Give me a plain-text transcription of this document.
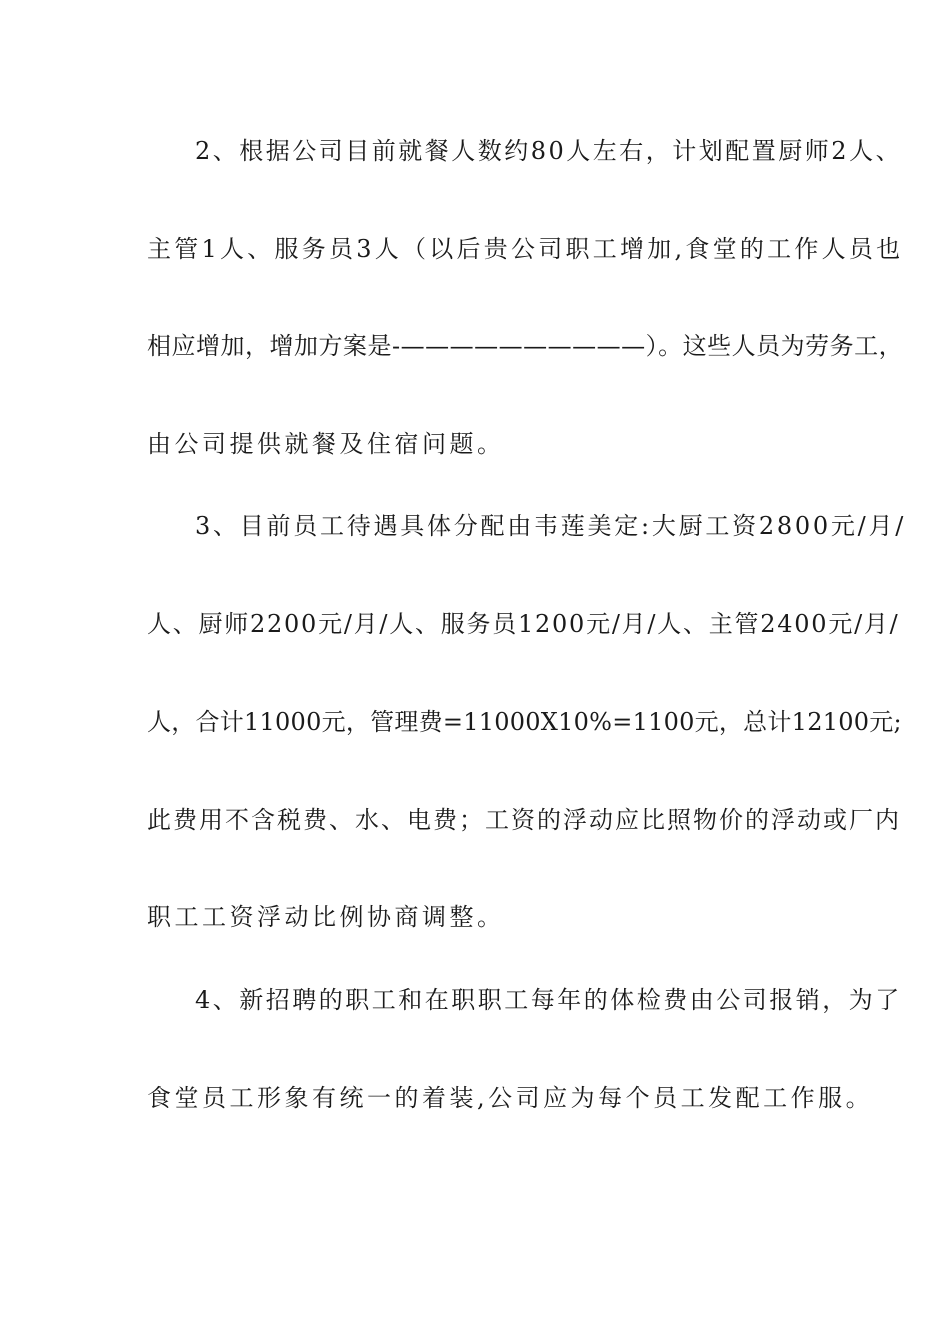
2、根据公司目前就餐人数约80人左右，计划配置厨师2人、
主管1人、服务员3人（以后贵公司职工增加,食堂的工作人员也
相应增加，增加方案是-——————————）。这些人员为劳务工，
由公司提供就餐及住宿问题。
3、目前员工待遇具体分配由韦莲美定:大厨工资2800元/月/
人、厨师2200元/月/人、服务员1200元/月/人、主管2400元/月/
人，合计11000元，管理费=11000X10%=1100元，总计12100元;
此费用不含税费、水、电费；工资的浮动应比照物价的浮动或厂内
职工工资浮动比例协商调整。
4、新招聘的职工和在职职工每年的体检费由公司报销，为了
食堂员工形象有统一的着装,公司应为每个员工发配工作服。
